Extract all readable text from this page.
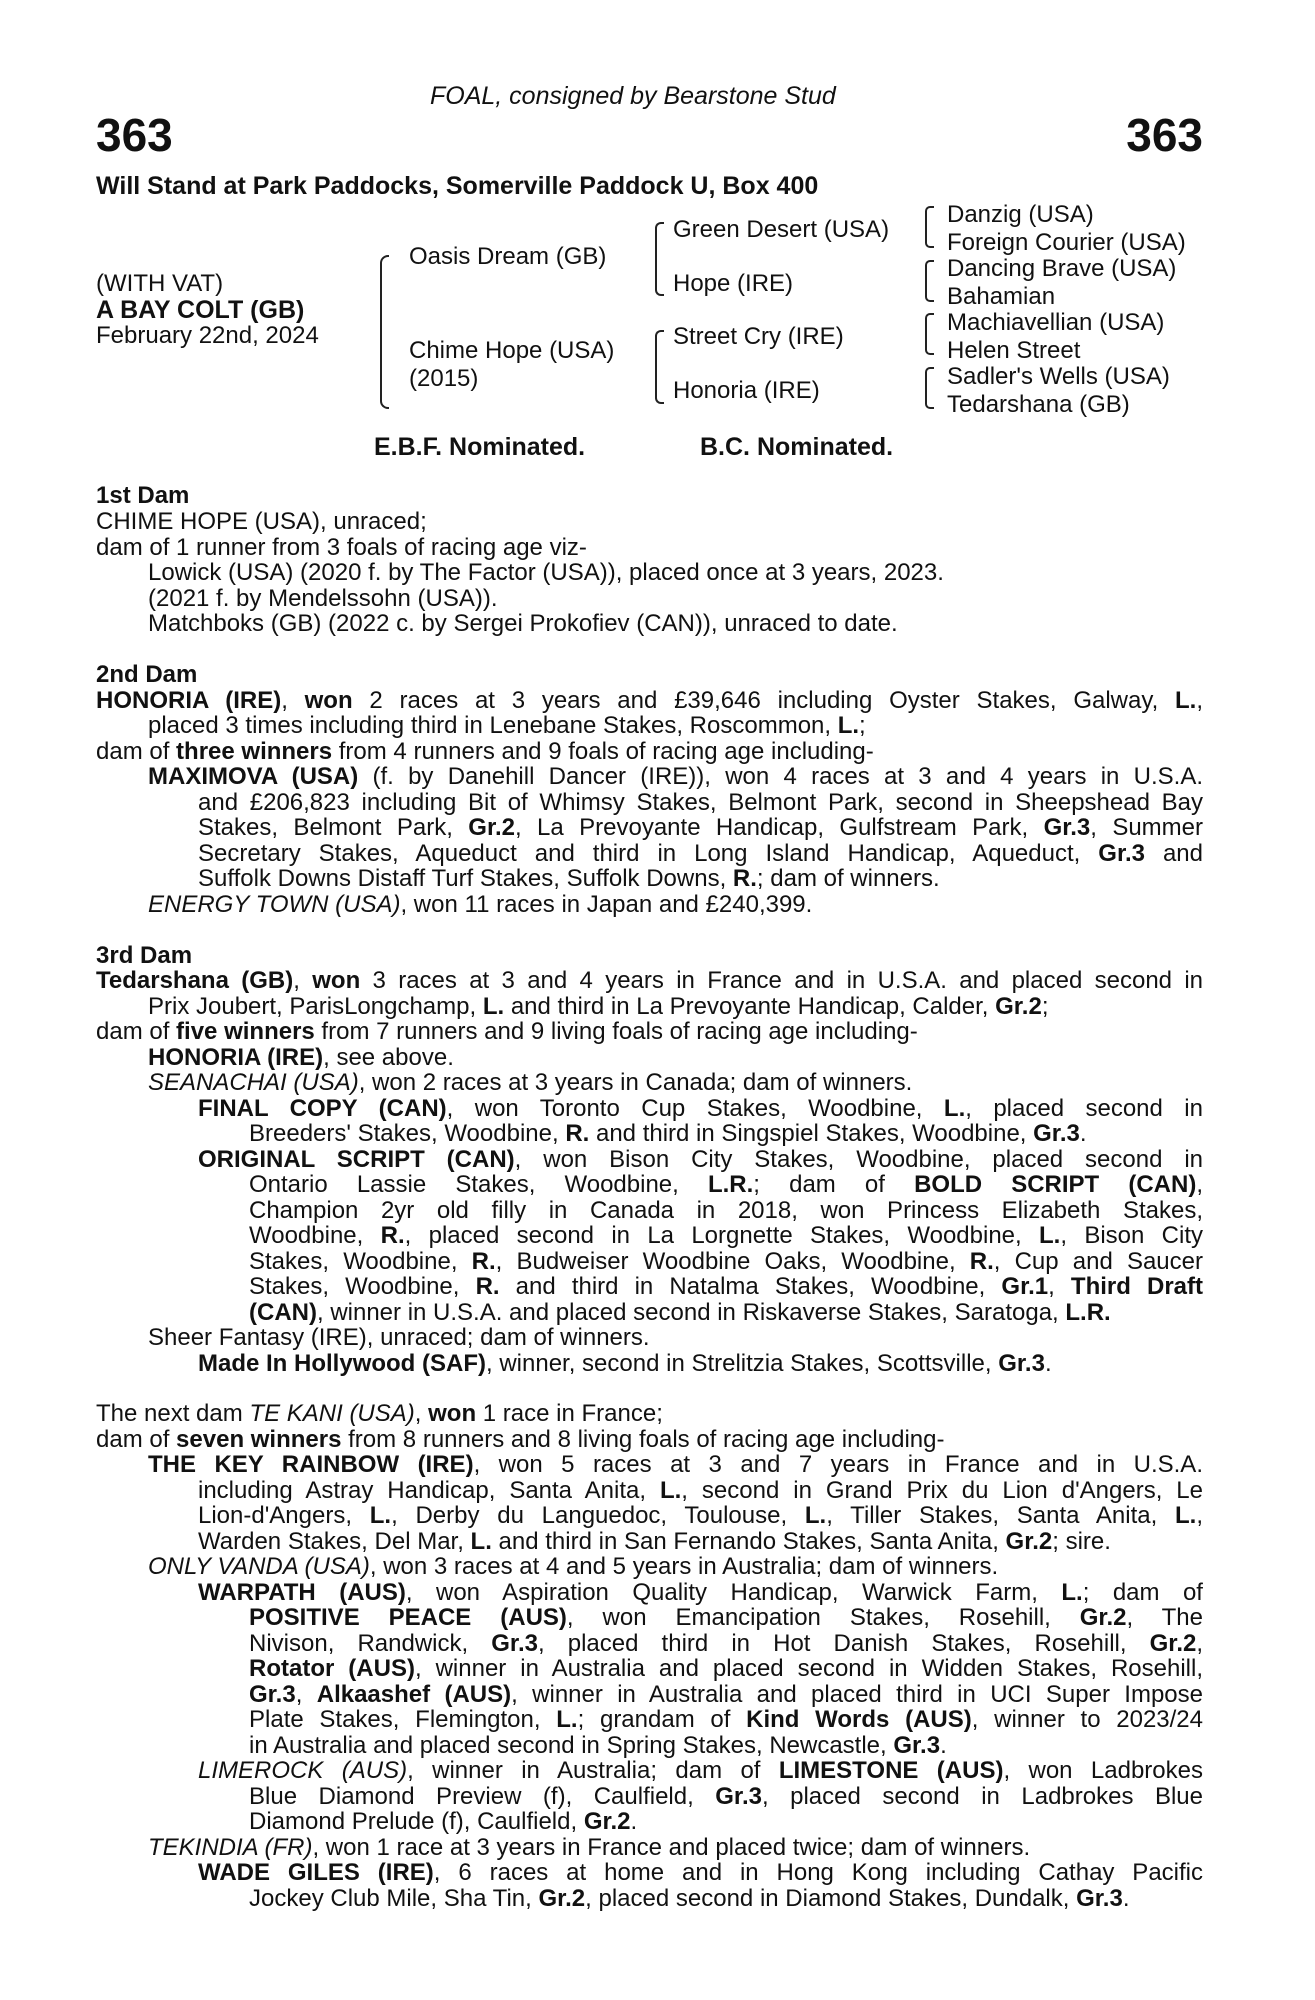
FOAL, consigned by Bearstone Stud
363	363
Will Stand at Park Paddocks, Somerville Paddock U, Box 400
(WITH VAT)
A BAY COLT (GB)
February 22nd, 2024
Oasis Dream (GB)
Chime Hope (USA)
(2015)
Green Desert (USA)
Hope (IRE)
Street Cry (IRE)
Honoria (IRE)
Danzig (USA)
Foreign Courier (USA)
Dancing Brave (USA)
Bahamian
Machiavellian (USA)
Helen Street
Sadler's Wells (USA)
Tedarshana (GB)
E.B.F. Nominated.	B.C. Nominated.
1st Dam
CHIME HOPE (USA), unraced;
dam of 1 runner from 3 foals of racing age viz-
Lowick (USA) (2020 f. by The Factor (USA)), placed once at 3 years, 2023.
(2021 f. by Mendelssohn (USA)).
Matchboks (GB) (2022 c. by Sergei Prokofiev (CAN)), unraced to date.
2nd Dam
HONORIA (IRE), won 2 races at 3 years and £39,646 including Oyster Stakes, Galway, L.,
placed 3 times including third in Lenebane Stakes, Roscommon, L.;
dam of three winners from 4 runners and 9 foals of racing age including-
MAXIMOVA (USA) (f. by Danehill Dancer (IRE)), won 4 races at 3 and 4 years in U.S.A.
and £206,823 including Bit of Whimsy Stakes, Belmont Park, second in Sheepshead Bay
Stakes, Belmont Park, Gr.2, La Prevoyante Handicap, Gulfstream Park, Gr.3, Summer
Secretary Stakes, Aqueduct and third in Long Island Handicap, Aqueduct, Gr.3 and
Suffolk Downs Distaff Turf Stakes, Suffolk Downs, R.; dam of winners.
ENERGY TOWN (USA), won 11 races in Japan and £240,399.
3rd Dam
Tedarshana (GB), won 3 races at 3 and 4 years in France and in U.S.A. and placed second in
Prix Joubert, ParisLongchamp, L. and third in La Prevoyante Handicap, Calder, Gr.2;
dam of five winners from 7 runners and 9 living foals of racing age including-
HONORIA (IRE), see above.
SEANACHAI (USA), won 2 races at 3 years in Canada; dam of winners.
FINAL COPY (CAN), won Toronto Cup Stakes, Woodbine, L., placed second in
Breeders' Stakes, Woodbine, R. and third in Singspiel Stakes, Woodbine, Gr.3.
ORIGINAL SCRIPT (CAN), won Bison City Stakes, Woodbine, placed second in
Ontario Lassie Stakes, Woodbine, L.R.; dam of BOLD SCRIPT (CAN),
Champion 2yr old filly in Canada in 2018, won Princess Elizabeth Stakes,
Woodbine, R., placed second in La Lorgnette Stakes, Woodbine, L., Bison City
Stakes, Woodbine, R., Budweiser Woodbine Oaks, Woodbine, R., Cup and Saucer
Stakes, Woodbine, R. and third in Natalma Stakes, Woodbine, Gr.1, Third Draft
(CAN), winner in U.S.A. and placed second in Riskaverse Stakes, Saratoga, L.R.
Sheer Fantasy (IRE), unraced; dam of winners.
Made In Hollywood (SAF), winner, second in Strelitzia Stakes, Scottsville, Gr.3.
The next dam TE KANI (USA), won 1 race in France;
dam of seven winners from 8 runners and 8 living foals of racing age including-
THE KEY RAINBOW (IRE), won 5 races at 3 and 7 years in France and in U.S.A.
including Astray Handicap, Santa Anita, L., second in Grand Prix du Lion d'Angers, Le
Lion-d'Angers, L., Derby du Languedoc, Toulouse, L., Tiller Stakes, Santa Anita, L.,
Warden Stakes, Del Mar, L. and third in San Fernando Stakes, Santa Anita, Gr.2; sire.
ONLY VANDA (USA), won 3 races at 4 and 5 years in Australia; dam of winners.
WARPATH (AUS), won Aspiration Quality Handicap, Warwick Farm, L.; dam of
POSITIVE PEACE (AUS), won Emancipation Stakes, Rosehill, Gr.2, The
Nivison, Randwick, Gr.3, placed third in Hot Danish Stakes, Rosehill, Gr.2,
Rotator (AUS), winner in Australia and placed second in Widden Stakes, Rosehill,
Gr.3, Alkaashef (AUS), winner in Australia and placed third in UCI Super Impose
Plate Stakes, Flemington, L.; grandam of Kind Words (AUS), winner to 2023/24
in Australia and placed second in Spring Stakes, Newcastle, Gr.3.
LIMEROCK (AUS), winner in Australia; dam of LIMESTONE (AUS), won Ladbrokes
Blue Diamond Preview (f), Caulfield, Gr.3, placed second in Ladbrokes Blue
Diamond Prelude (f), Caulfield, Gr.2.
TEKINDIA (FR), won 1 race at 3 years in France and placed twice; dam of winners.
WADE GILES (IRE), 6 races at home and in Hong Kong including Cathay Pacific
Jockey Club Mile, Sha Tin, Gr.2, placed second in Diamond Stakes, Dundalk, Gr.3.
